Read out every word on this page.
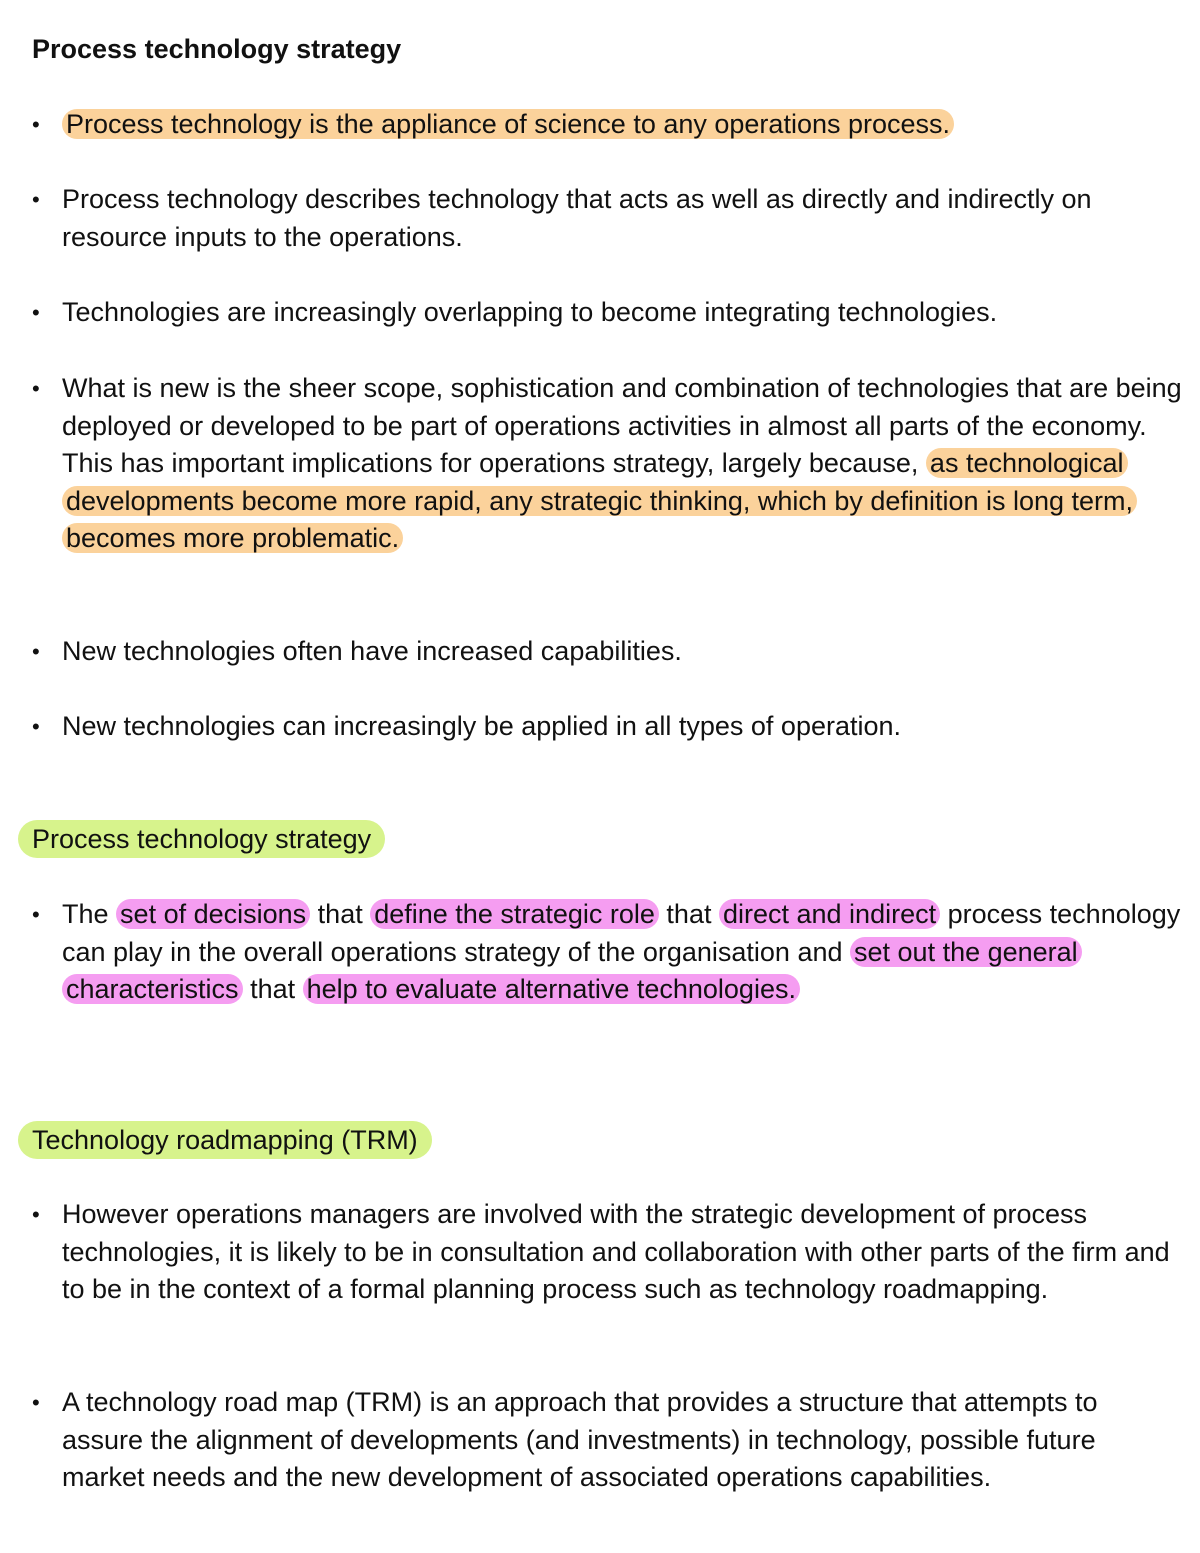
Process technology strategy
• Process technology is the appliance of science to any operations process.
• Process technology describes technology that acts as well as directly and indirectly on resource inputs to the operations.
• Technologies are increasingly overlapping to become integrating technologies.
• What is new is the sheer scope, sophistication and combination of technologies that are being deployed or developed to be part of operations activities in almost all parts of the economy. This has important implications for operations strategy, largely because, as technological developments become more rapid, any strategic thinking, which by definition is long term, becomes more problematic.
• New technologies often have increased capabilities.
• New technologies can increasingly be applied in all types of operation.
Process technology strategy
• The set of decisions that define the strategic role that direct and indirect process technology can play in the overall operations strategy of the organisation and set out the general characteristics that help to evaluate alternative technologies.
Technology roadmapping (TRM)
• However operations managers are involved with the strategic development of process technologies, it is likely to be in consultation and collaboration with other parts of the firm and to be in the context of a formal planning process such as technology roadmapping.
• A technology road map (TRM) is an approach that provides a structure that attempts to assure the alignment of developments (and investments) in technology, possible future market needs and the new development of associated operations capabilities.
